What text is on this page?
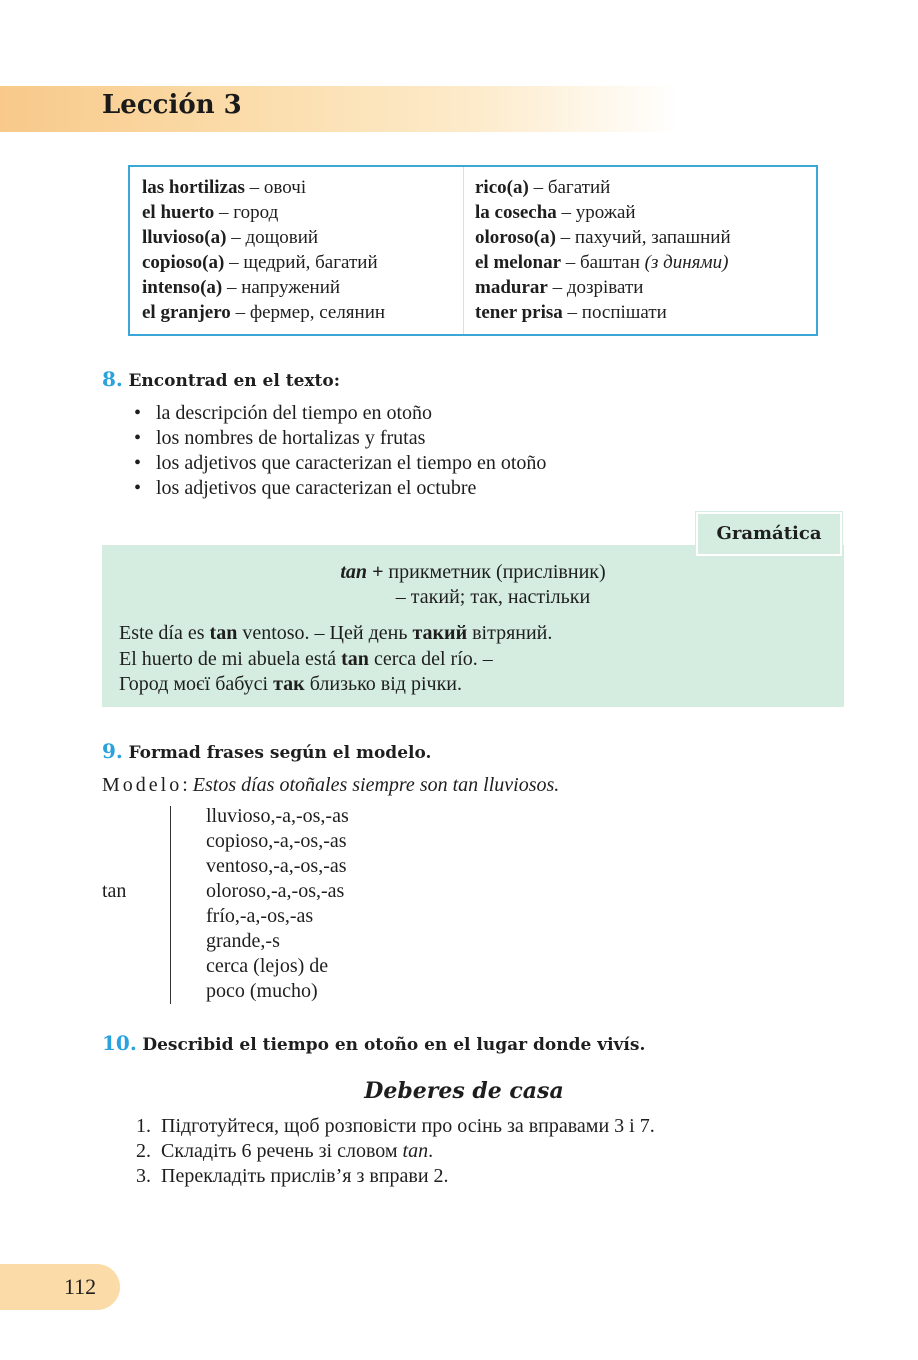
Lección 3
las hortilizas – овочі
el huerto – город
lluvioso(a) – дощовий
copioso(a) – щедрий, багатий
intenso(a) – напружений
el granjero – фермер, селянин
rico(a) – багатий
la cosecha – урожай
oloroso(a) – пахучий, запашний
el melonar – баштан (з динями)
madurar – дозрівати
tener prisa – поспішати
8. Encontrad en el texto:
• la descripción del tiempo en otoño
• los nombres de hortalizas y frutas
• los adjetivos que caracterizan el tiempo en otoño
• los adjetivos que caracterizan el octubre
tan + прикметник (прислівник)
– такий; так, настільки
Este día es tan ventoso. – Цей день такий вітряний.
El huerto de mi abuela está tan cerca del río. –
Город моєї бабусі так близько від річки.
Gramática
9. Formad frases según el modelo.
Modelo: Estos días otoñales siempre son tan lluviosos.
tan
lluvioso,-a,-os,-as
copioso,-a,-os,-as
ventoso,-a,-os,-as
oloroso,-a,-os,-as
frío,-a,-os,-as
grande,-s
cerca (lejos) de
poco (mucho)
10. Describid el tiempo en otoño en el lugar donde vivís.
Deberes de casa
1. Підготуйтеся, щоб розповісти про осінь за вправами 3 і 7.
2. Складіть 6 речень зі словом tan.
3. Перекладіть прислів’я з вправи 2.
112
